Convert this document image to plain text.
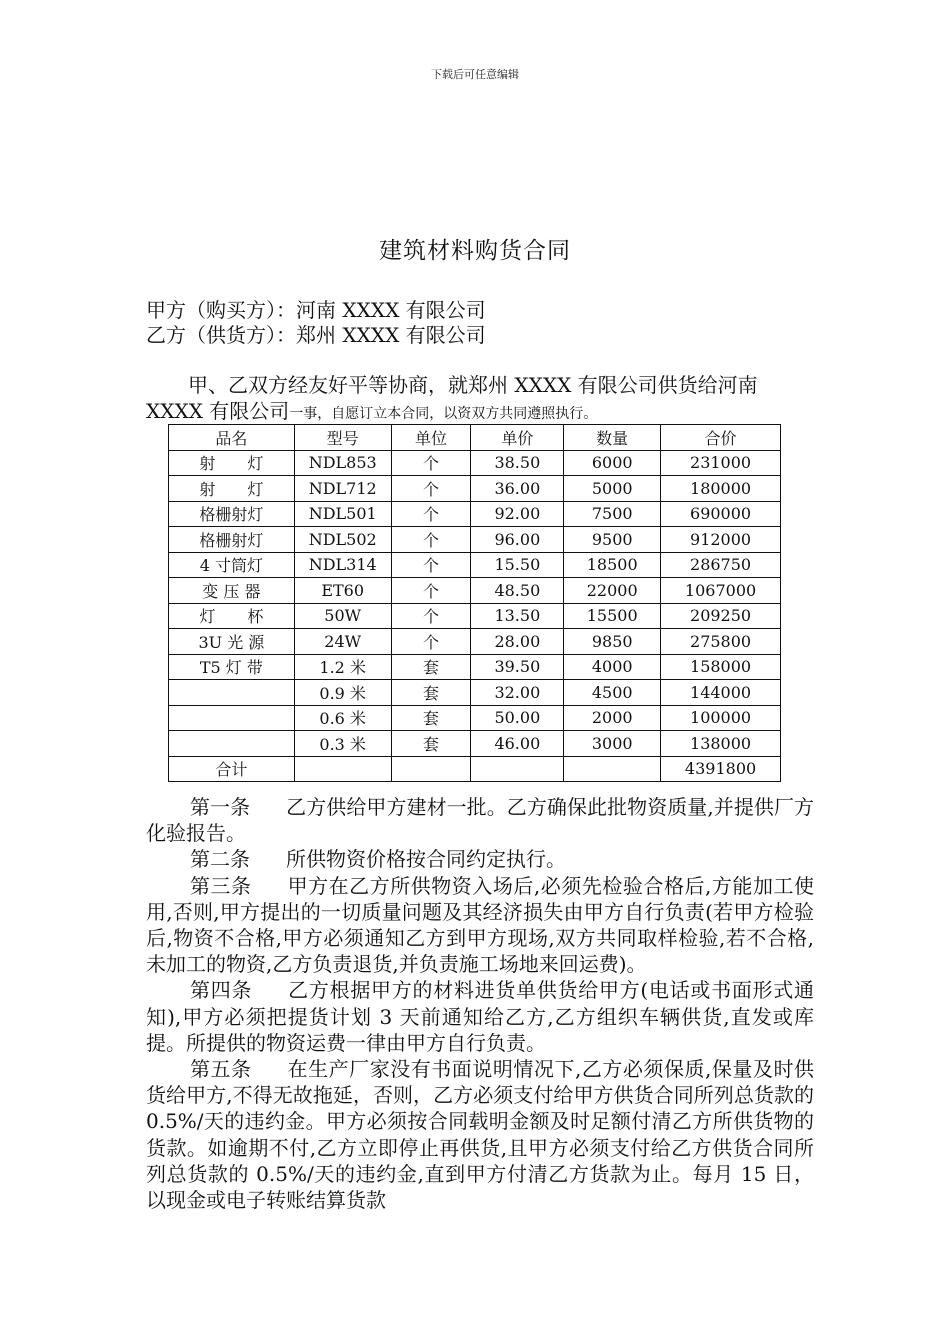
下载后可任意编辑
建筑材料购货合同
甲方（购买方）：河南 XXXX 有限公司
乙方（供货方）：郑州 XXXX 有限公司
甲、乙双方经友好平等协商，就郑州 XXXX 有限公司供货给河南
XXXX 有限公司一事，自愿订立本合同，以资双方共同遵照执行。
品名	型号	单位	单价	数量	合价
射　　灯	NDL853	个	38.50	6000	231000
射　　灯	NDL712	个	36.00	5000	180000
格栅射灯	NDL501	个	92.00	7500	690000
格栅射灯	NDL502	个	96.00	9500	912000
4 寸筒灯	NDL314	个	15.50	18500	286750
变 压 器	ET60	个	48.50	22000	1067000
灯　　杯	50W	个	13.50	15500	209250
3U 光 源	24W	个	28.00	9850	275800
T5 灯 带	1.2 米	套	39.50	4000	158000
	0.9 米	套	32.00	4500	144000
	0.6 米	套	50.00	2000	100000
	0.3 米	套	46.00	3000	138000
合计					4391800

第一条 乙方供给甲方建材一批。乙方确保此批物资质量,并提供厂方化验报告。

第二条 所供物资价格按合同约定执行。

第三条 甲方在乙方所供物资入场后,必须先检验合格后,方能加工使用,否则,甲方提出的一切质量问题及其经济损失由甲方自行负责(若甲方检验后,物资不合格,甲方必须通知乙方到甲方现场,双方共同取样检验,若不合格,未加工的物资,乙方负责退货,并负责施工场地来回运费)。

第四条 乙方根据甲方的材料进货单供货给甲方(电话或书面形式通知),甲方必须把提货计划 3 天前通知给乙方,乙方组织车辆供货,直发或库提。所提供的物资运费一律由甲方自行负责。

第五条 在生产厂家没有书面说明情况下,乙方必须保质,保量及时供货给甲方,不得无故拖延，否则，乙方必须支付给甲方供货合同所列总货款的 0.5%/天的违约金。甲方必须按合同载明金额及时足额付清乙方所供货物的货款。如逾期不付,乙方立即停止再供货,且甲方必须支付给乙方供货合同所列总货款的 0.5%/天的违约金,直到甲方付清乙方货款为止。每月 15 日，以现金或电子转账结算货款
